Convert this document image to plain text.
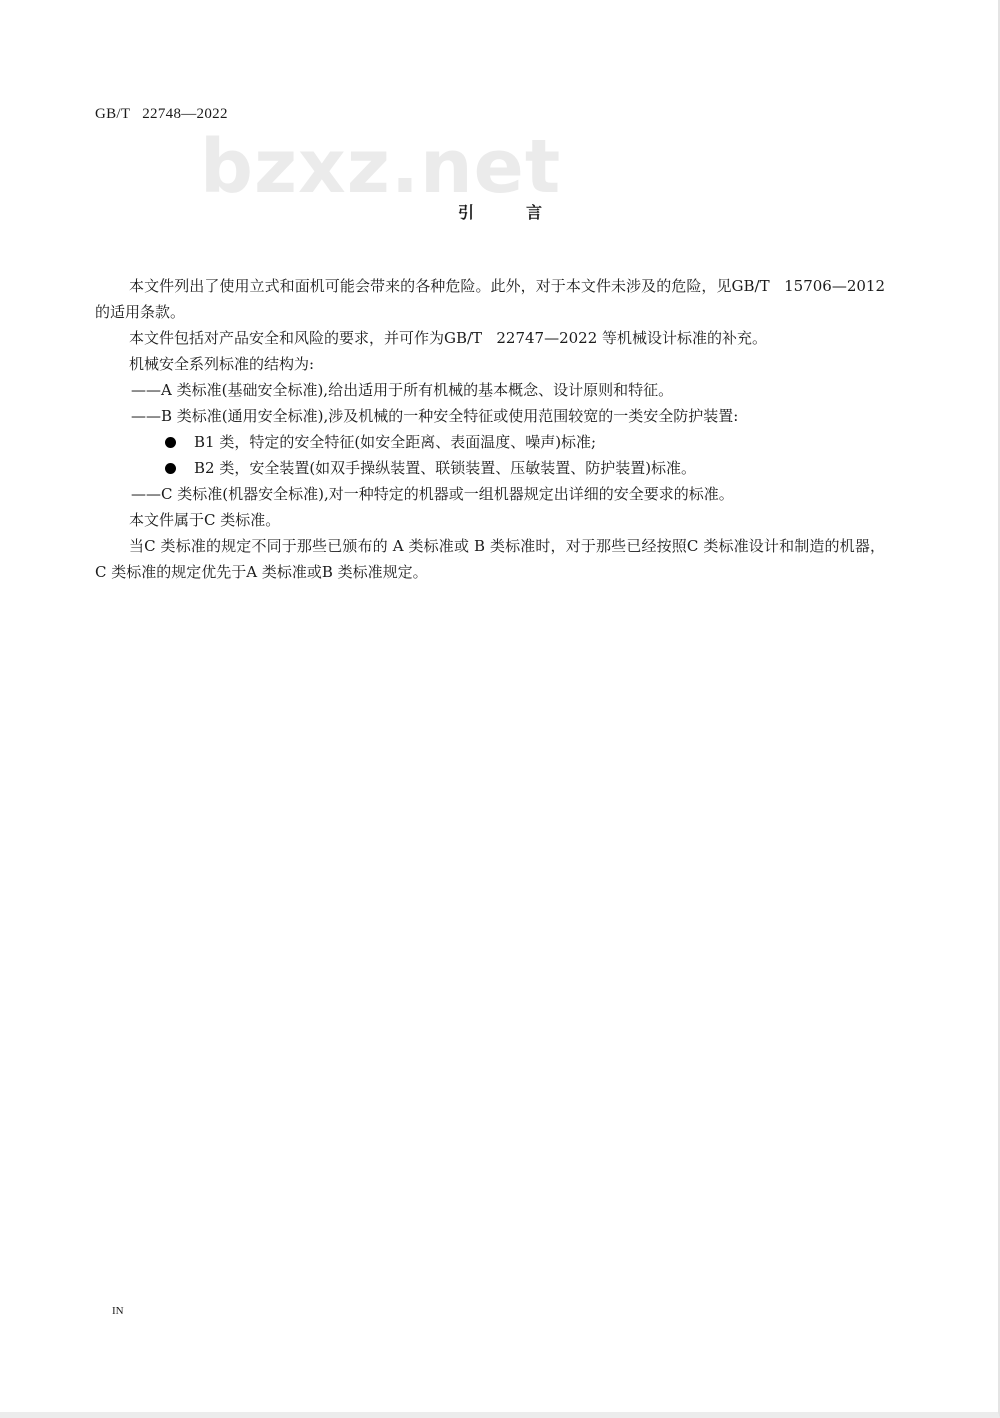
GB/T   22748—2022
bzxz.net
引言

本文件列出了使用立式和面机可能会带来的各种危险。此外，对于本文件未涉及的危险，见GB/T   15706—2012 的适用条款。

本文件包括对产品安全和风险的要求，并可作为GB/T   22747—2022 等机械设计标准的补充。

机械安全系列标准的结构为:

——A 类标准(基础安全标准),给出适用于所有机械的基本概念、设计原则和特征。

——B 类标准(通用安全标准),涉及机械的一种安全特征或使用范围较宽的一类安全防护装置:

B1 类，特定的安全特征(如安全距离、表面温度、噪声)标准;

B2 类，安全装置(如双手操纵装置、联锁装置、压敏装置、防护装置)标准。

——C 类标准(机器安全标准),对一种特定的机器或一组机器规定出详细的安全要求的标准。

本文件属于C 类标准。

当C 类标准的规定不同于那些已颁布的 A 类标准或 B 类标准时，对于那些已经按照C 类标准设计和制造的机器，C 类标准的规定优先于A 类标准或B 类标准规定。

IN
